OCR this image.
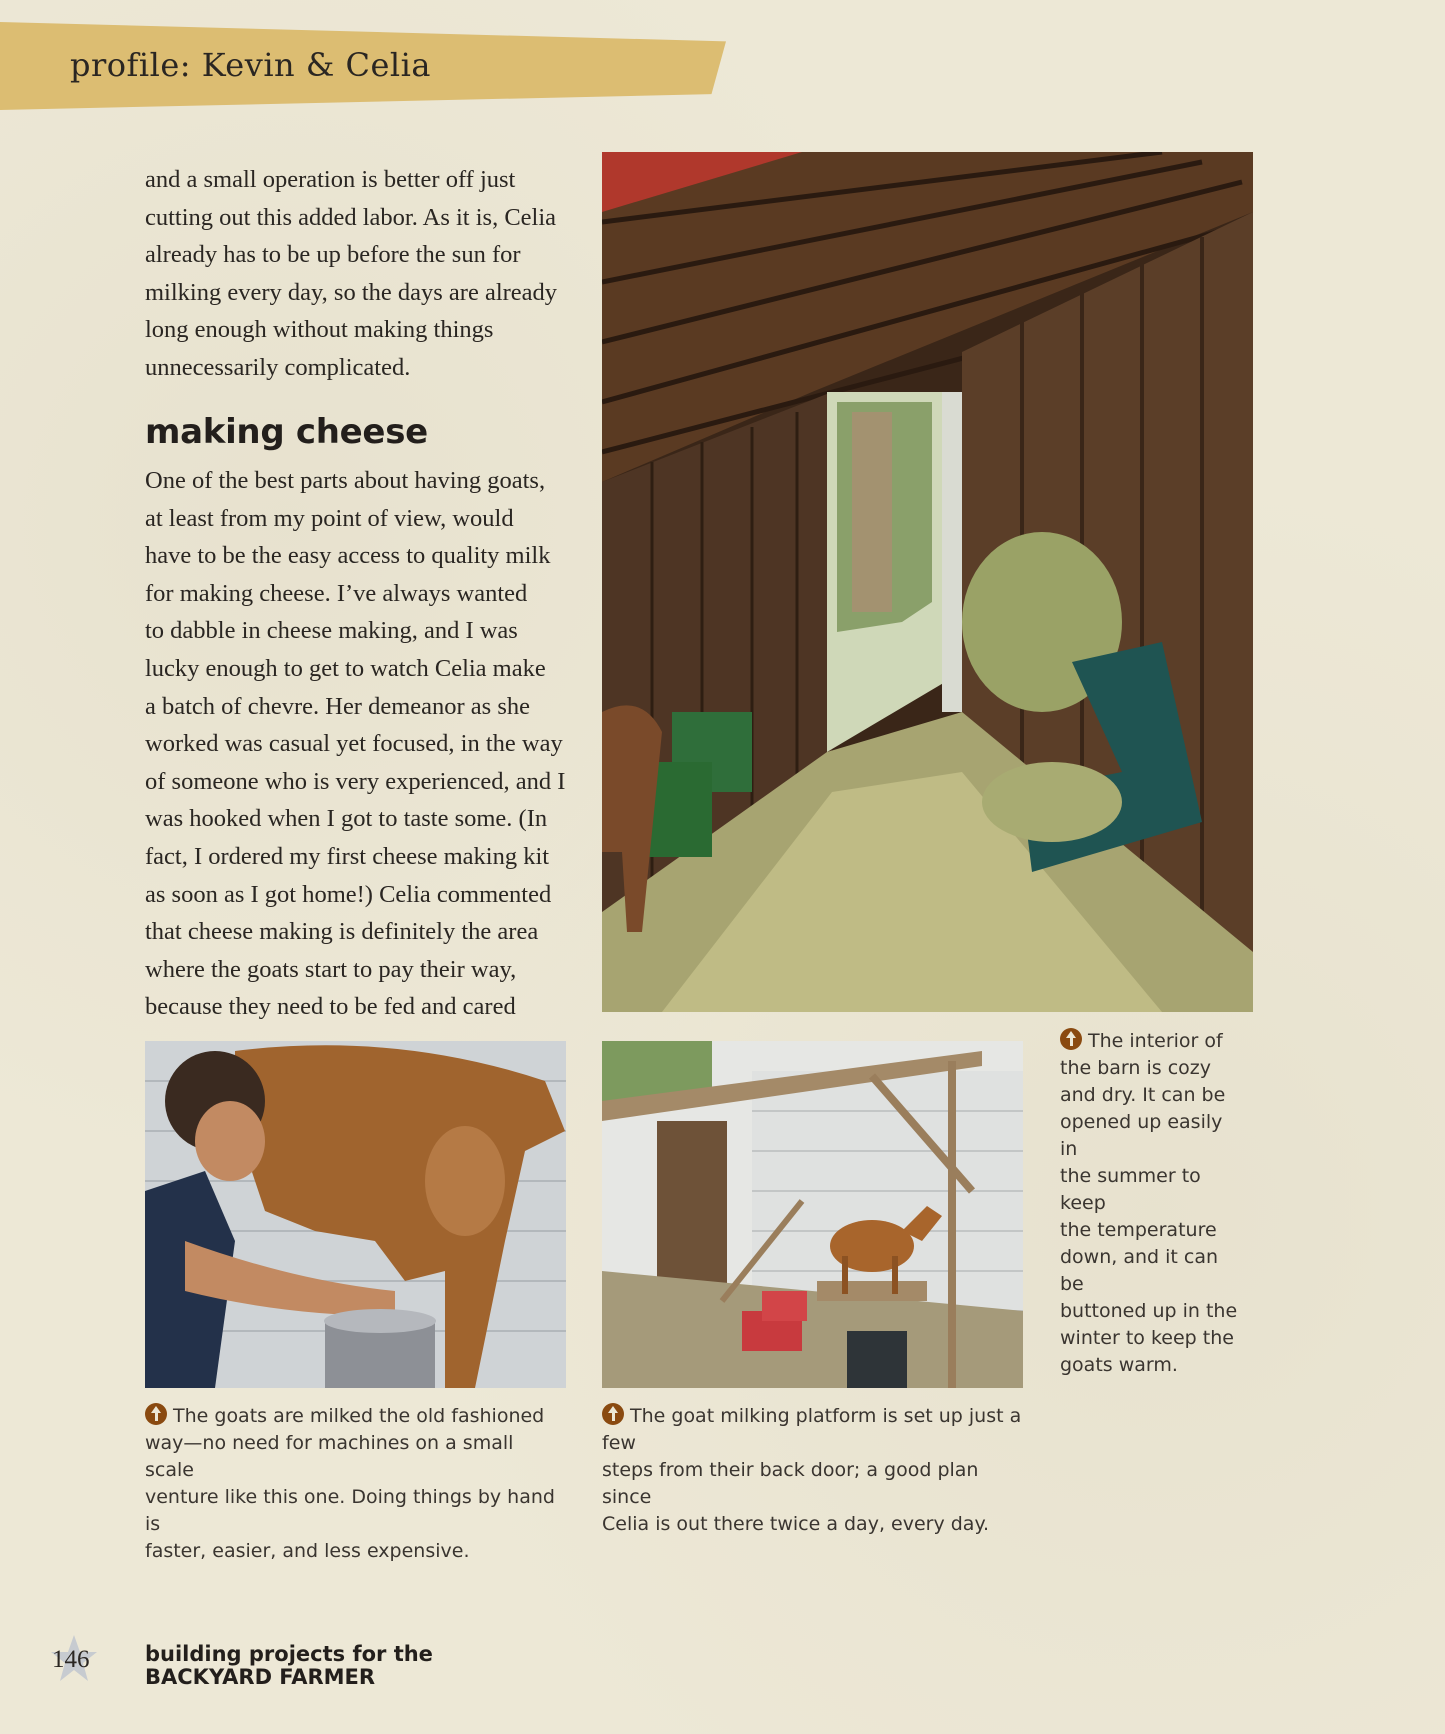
profile: Kevin & Celia
and a small operation is better off just
cutting out this added labor. As it is, Celia
already has to be up before the sun for
milking every day, so the days are already
long enough without making things
unnecessarily complicated.
making cheese
One of the best parts about having goats,
at least from my point of view, would
have to be the easy access to quality milk
for making cheese. I’ve always wanted
to dabble in cheese making, and I was
lucky enough to get to watch Celia make
a batch of chevre. Her demeanor as she
worked was casual yet focused, in the way
of someone who is very experienced, and I
was hooked when I got to taste some. (In
fact, I ordered my first cheese making kit
as soon as I got home!) Celia commented
that cheese making is definitely the area
where the goats start to pay their way,
because they need to be fed and cared
The interior of
the barn is cozy
and dry. It can be
opened up easily in
the summer to keep
the temperature
down, and it can be
buttoned up in the
winter to keep the
goats warm.
The goats are milked the old fashioned
way—no need for machines on a small scale
venture like this one. Doing things by hand is
faster, easier, and less expensive.
The goat milking platform is set up just a few
steps from their back door; a good plan since
Celia is out there twice a day, every day.
146	building projects for the
BACKYARD FARMER
